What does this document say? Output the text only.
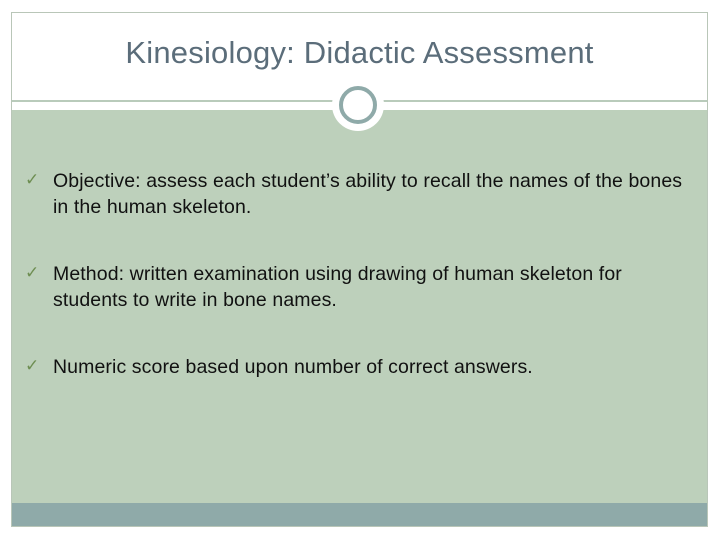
Kinesiology: Didactic Assessment
✓ Objective: assess each student’s ability to recall the names of the bones in the human skeleton.
✓ Method: written examination using drawing of human skeleton for students to write in bone names.
✓ Numeric score based upon number of correct answers.
